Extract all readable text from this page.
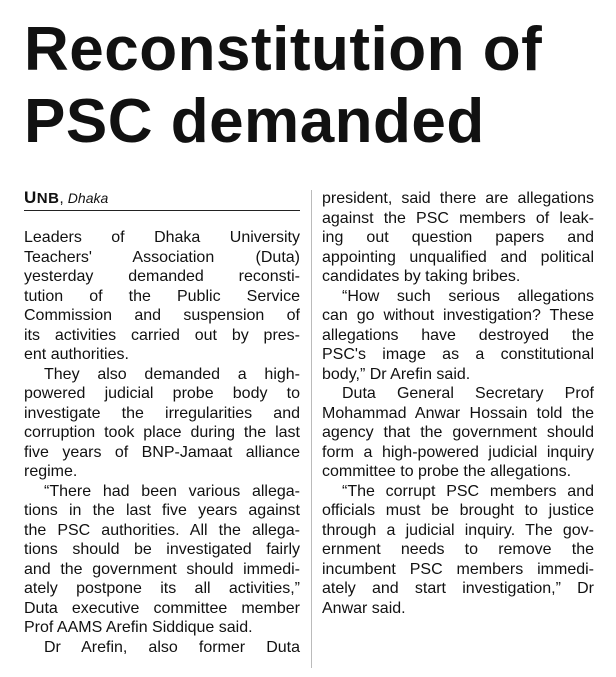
Reconstitution of
PSC demanded
UNB, Dhaka
Leaders of Dhaka University
Teachers' Association (Duta)
yesterday demanded reconsti-
tution of the Public Service
Commission and suspension of
its activities carried out by pres-
ent authorities.
They also demanded a high-
powered judicial probe body to
investigate the irregularities and
corruption took place during the last
five years of BNP-Jamaat alliance
regime.
“There had been various allega-
tions in the last five years against
the PSC authorities. All the allega-
tions should be investigated fairly
and the government should immedi-
ately postpone its all activities,”
Duta executive committee member
Prof AAMS Arefin Siddique said.
Dr Arefin, also former Duta
president, said there are allegations
against the PSC members of leak-
ing out question papers and
appointing unqualified and political
candidates by taking bribes.
“How such serious allegations
can go without investigation? These
allegations have destroyed the
PSC's image as a constitutional
body,” Dr Arefin said.
Duta General Secretary Prof
Mohammad Anwar Hossain told the
agency that the government should
form a high-powered judicial inquiry
committee to probe the allegations.
“The corrupt PSC members and
officials must be brought to justice
through a judicial inquiry. The gov-
ernment needs to remove the
incumbent PSC members immedi-
ately and start investigation,” Dr
Anwar said.
